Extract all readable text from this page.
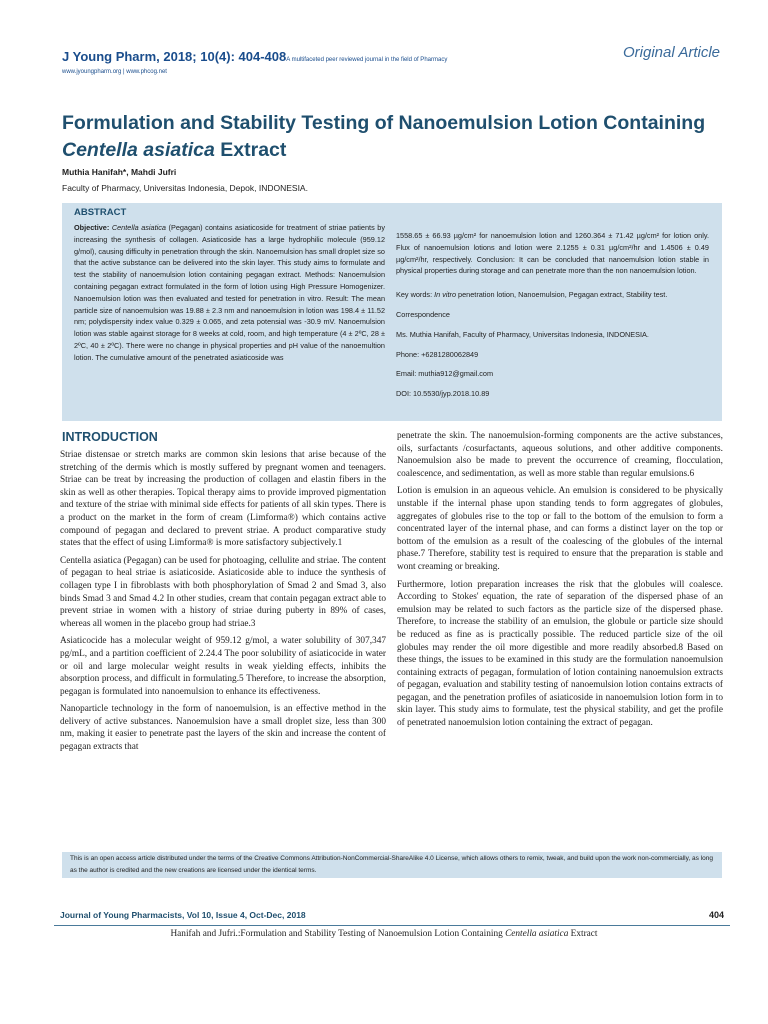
J Young Pharm, 2018; 10(4): 404-408A multifaceted peer reviewed journal in the field of Pharmacy
www.jyoungpharm.org | www.phcog.net
Original Article
Formulation and Stability Testing of Nanoemulsion Lotion Containing
Centella asiatica Extract
Muthia Hanifah*, Mahdi Jufri
Faculty of Pharmacy, Universitas Indonesia, Depok, INDONESIA.
ABSTRACT
Objective: Centella asiatica (Pegagan) contains asiaticoside for treatment of striae patients by increasing the synthesis of collagen. Asiaticoside has a large hydrophilic molecule (959.12 g/mol), causing difficulty in penetration through the skin. Nanoemulsion has small droplet size so that the active substance can be delivered into the skin layer. This study aims to formulate and test the stability of nanoemulsion lotion containing pegagan extract. Methods: Nanoemulsion containing pegagan extract formulated in the form of lotion using High Pressure Homogenizer. Nanoemulsion lotion was then evaluated and tested for penetration in vitro. Result: The mean particle size of nanoemulsion was 19.88 ± 2.3 nm and nanoemulsion in lotion was 198.4 ± 11.52 nm; polydispersity index value 0.329 ± 0.065, and zeta potensial was -30.9 mV. Nanoemulsion lotion was stable against storage for 8 weeks at cold, room, and high temperature (4 ± 2ºC, 28 ± 2ºC, 40 ± 2ºC). There were no change in physical properties and pH value of the nanoemultion lotion. The cumulative amount of the penetrated asiaticoside was
1558.65 ± 66.93 µg/cm² for nanoemulsion lotion and 1260.364 ± 71.42 µg/cm² for lotion only. Flux of nanoemulsion lotions and lotion were 2.1255 ± 0.31 µg/cm²/hr and 1.4506 ± 0.49 µg/cm²/hr, respectively. Conclusion: It can be concluded that nanoemulsion lotion stable in physical properties during storage and can penetrate more than the non nanoemulsion lotion.
Key words: In vitro penetration lotion, Nanoemulsion, Pegagan extract, Stability test.
Correspondence
Ms. Muthia Hanifah, Faculty of Pharmacy, Universitas Indonesia, INDONESIA.
Phone: +6281280062849
Email: muthia912@gmail.com
DOI: 10.5530/jyp.2018.10.89
INTRODUCTION

Striae distensae or stretch marks are common skin lesions that arise because of the stretching of the dermis which is mostly suffered by pregnant women and teenagers. Striae can be treat by increasing the production of collagen and elastin fibers in the skin as well as other therapies. Topical therapy aims to provide improved pigmentation and texture of the striae with minimal side effects for patients of all skin types. There is a product on the market in the form of cream (Limforma®) which contains active compound of pegagan and declared to prevent striae. A product comparative study states that the effect of using Limforma® is more satisfactory subjectively.1

Centella asiatica (Pegagan) can be used for photoaging, cellulite and striae. The content of pegagan to heal striae is asiaticoside. Asiaticoside able to induce the synthesis of collagen type I in fibroblasts with both phosphorylation of Smad 2 and Smad 3, also binds Smad 3 and Smad 4.2 In other studies, cream that contain pegagan extract able to prevent striae in women with a history of striae during puberty in 89% of cases, whereas all women in the placebo group had striae.3

Asiaticocide has a molecular weight of 959.12 g/mol, a water solubility of 307,347 pg/mL, and a partition coefficient of 2.24.4 The poor solubility of asiaticocide in water or oil and large molecular weight results in weak yielding effects, inhibits the absorption process, and difficult in formulating.5 Therefore, to increase the absorption, pegagan is formulated into nanoemulsion to enhance its effectiveness.

Nanoparticle technology in the form of nanoemulsion, is an effective method in the delivery of active substances. Nanoemulsion have a small droplet size, less than 300 nm, making it easier to penetrate past the layers of the skin and increase the content of pegagan extracts that

penetrate the skin. The nanoemulsion-forming components are the active substances, oils, surfactants /cosurfactants, aqueous solutions, and other additive components. Nanoemulsion also be made to prevent the occurrence of creaming, flocculation, coalescence, and sedimentation, as well as more stable than regular emulsions.6

Lotion is emulsion in an aqueous vehicle. An emulsion is considered to be physically unstable if the internal phase upon standing tends to form aggregates of globules, aggregates of globules rise to the top or fall to the bottom of the emulsion to form a concentrated layer of the internal phase, and can forms a distinct layer on the top or bottom of the emulsion as a result of the coalescing of the globules of the internal phase.7 Therefore, stability test is required to ensure that the preparation is stable and wont creaming or breaking.

Furthermore, lotion preparation increases the risk that the globules will coalesce. According to Stokes' equation, the rate of separation of the dispersed phase of an emulsion may be related to such factors as the particle size of the dispersed phase. Therefore, to increase the stability of an emulsion, the globule or particle size should be reduced as fine as is practically possible. The reduced particle size of the oil globules may render the oil more digestible and more readily absorbed.8 Based on these things, the issues to be examined in this study are the formulation nanoemulsion containing extracts of pegagan, formulation of lotion containing nanoemulsion extracts of pegagan, evaluation and stability testing of nanoemulsion lotion contains extracts of pegagan, and the penetration profiles of asiaticoside in nanoemulsion lotion form in to skin layer. This study aims to formulate, test the physical stability, and get the profile of penetrated nanoemulsion lotion containing the extract of pegagan.

This is an open access article distributed under the terms of the Creative Commons Attribution-NonCommercial-ShareAlike 4.0 License, which allows others to remix, tweak, and build upon the work non-commercially, as long as the author is credited and the new creations are licensed under the identical terms.
Journal of Young Pharmacists, Vol 10, Issue 4, Oct-Dec, 2018	404
Hanifah and Jufri.:Formulation and Stability Testing of Nanoemulsion Lotion Containing Centella asiatica Extract
